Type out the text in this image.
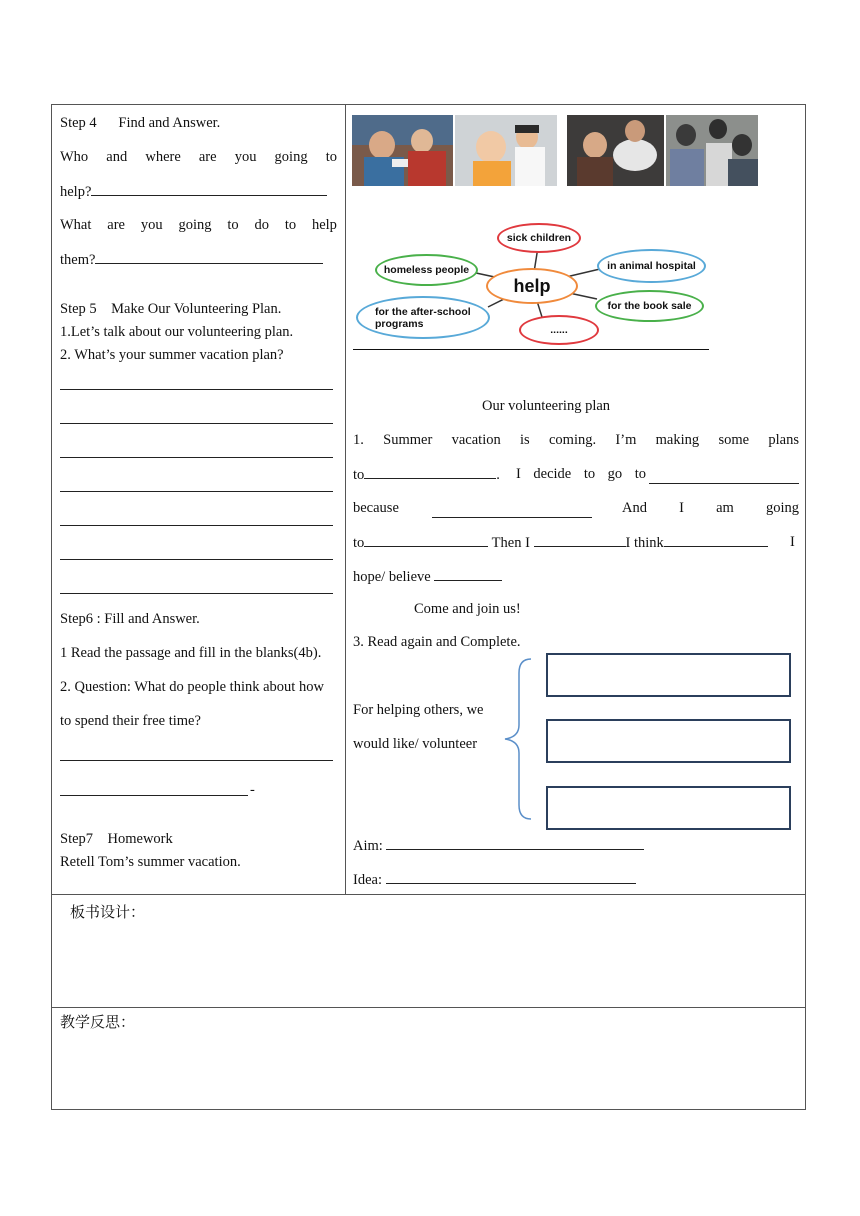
Step 4      Find and Answer.
Who and where are you going to
help?
What are you going to do to help
them?
Step 5    Make Our Volunteering Plan.
1.Let’s talk about our volunteering plan.
2. What’s your summer vacation plan?
Step6 : Fill and Answer.
1 Read the passage and fill in the blanks(4b).
2. Question: What do people think about how
to spend their free time?
-
Step7    Homework
Retell Tom’s summer vacation.
sick children
homeless people
help
in animal hospital
for the after-school programs
for the book sale
......
Our volunteering plan
1. Summer vacation is coming. I’m making some plans
to	.	I decide to go to
because	And I am going
to	Then I	I think	I
hope/ believe
Come and join us!
3. Read again and Complete.
For helping others, we
would like/ volunteer
Aim:
Idea:
板书设计：
教学反思：
